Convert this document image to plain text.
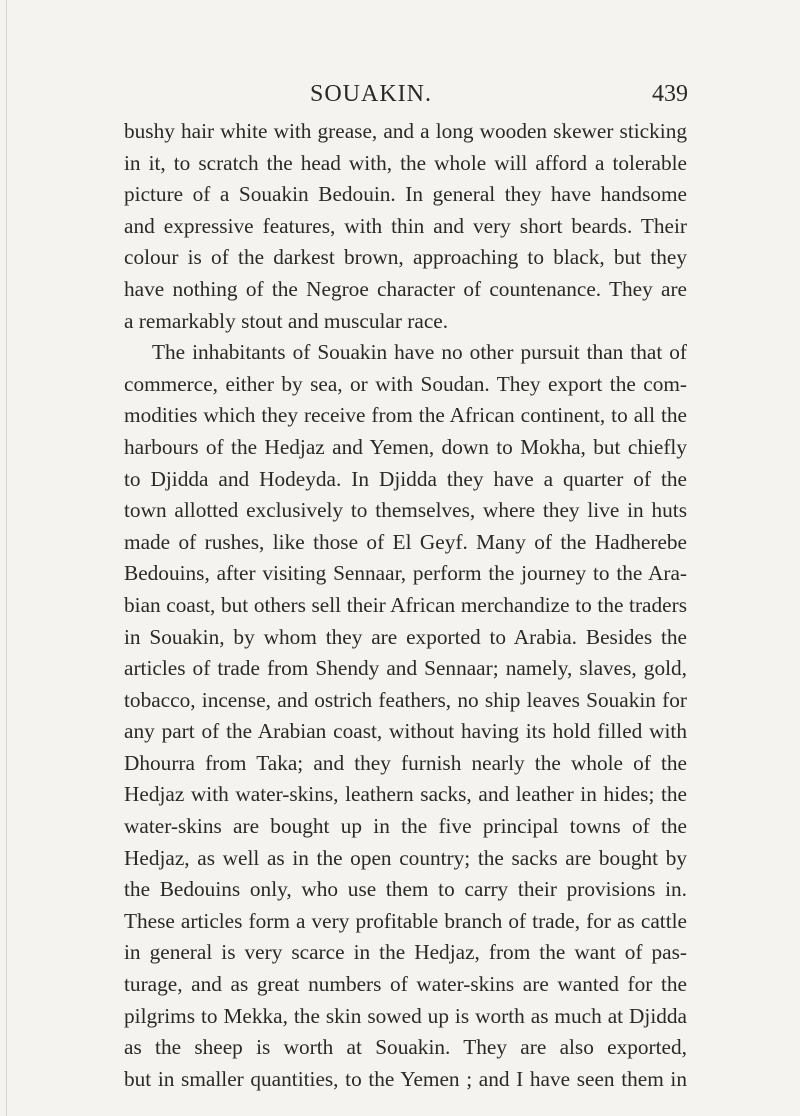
SOUAKIN.	439
bushy hair white with grease, and a long wooden skewer sticking
in it, to scratch the head with, the whole will afford a tolerable
picture of a Souakin Bedouin. In general they have handsome
and expressive features, with thin and very short beards. Their
colour is of the darkest brown, approaching to black, but they
have nothing of the Negroe character of countenance. They are
a remarkably stout and muscular race.
The inhabitants of Souakin have no other pursuit than that of
commerce, either by sea, or with Soudan. They export the com-
modities which they receive from the African continent, to all the
harbours of the Hedjaz and Yemen, down to Mokha, but chiefly
to Djidda and Hodeyda. In Djidda they have a quarter of the
town allotted exclusively to themselves, where they live in huts
made of rushes, like those of El Geyf. Many of the Hadherebe
Bedouins, after visiting Sennaar, perform the journey to the Ara-
bian coast, but others sell their African merchandize to the traders
in Souakin, by whom they are exported to Arabia. Besides the
articles of trade from Shendy and Sennaar; namely, slaves, gold,
tobacco, incense, and ostrich feathers, no ship leaves Souakin for
any part of the Arabian coast, without having its hold filled with
Dhourra from Taka; and they furnish nearly the whole of the
Hedjaz with water-skins, leathern sacks, and leather in hides; the
water-skins are bought up in the five principal towns of the
Hedjaz, as well as in the open country; the sacks are bought by
the Bedouins only, who use them to carry their provisions in.
These articles form a very profitable branch of trade, for as cattle
in general is very scarce in the Hedjaz, from the want of pas-
turage, and as great numbers of water-skins are wanted for the
pilgrims to Mekka, the skin sowed up is worth as much at Djidda
as the sheep is worth at Souakin. They are also exported,
but in smaller quantities, to the Yemen ; and I have seen them in
